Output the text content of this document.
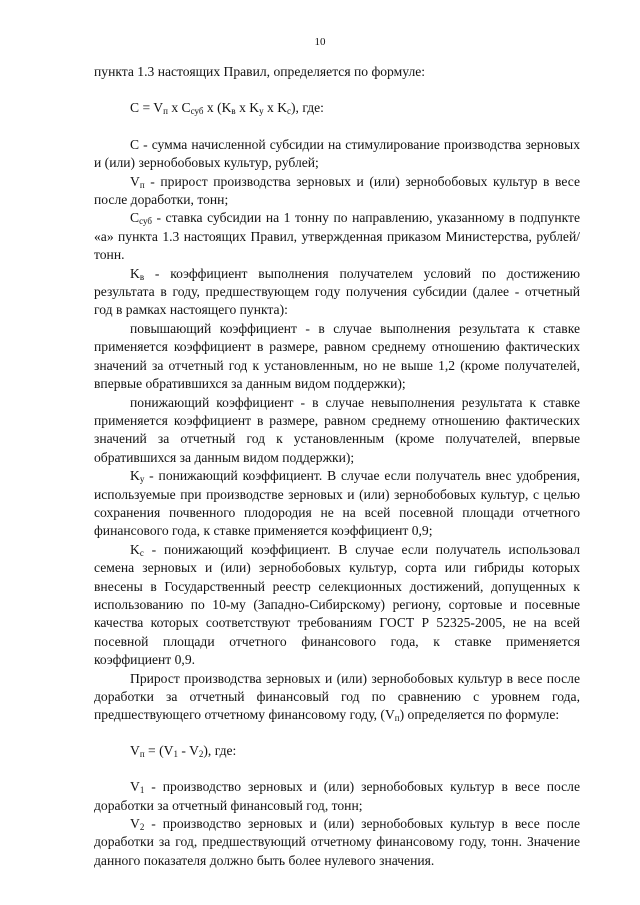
10

пункта 1.3 настоящих Правил, определяется по формуле:

$C = V_п$ x $C_{суб}$ x ($K_в$ x $K_у$ x $K_с$), где:

C - сумма начисленной субсидии на стимулирование производства зерновых и (или) зернобобовых культур, рублей;

$V_п$ - прирост производства зерновых и (или) зернобобовых культур в весе после доработки, тонн;

$C_{суб}$ - ставка субсидии на 1 тонну по направлению, указанному в подпункте «а» пункта 1.3 настоящих Правил, утвержденная приказом Министерства, рублей/тонн.

$K_в$ - коэффициент выполнения получателем условий по достижению результата в году, предшествующем году получения субсидии (далее - отчетный год в рамках настоящего пункта):

повышающий коэффициент - в случае выполнения результата к ставке применяется коэффициент в размере, равном среднему отношению фактических значений за отчетный год к установленным, но не выше 1,2 (кроме получателей, впервые обратившихся за данным видом поддержки);

понижающий коэффициент - в случае невыполнения результата к ставке применяется коэффициент в размере, равном среднему отношению фактических значений за отчетный год к установленным (кроме получателей, впервые обратившихся за данным видом поддержки);

$K_у$ - понижающий коэффициент. В случае если получатель внес удобрения, используемые при производстве зерновых и (или) зернобобовых культур, с целью сохранения почвенного плодородия не на всей посевной площади отчетного финансового года, к ставке применяется коэффициент 0,9;

$K_с$ - понижающий коэффициент. В случае если получатель использовал семена зерновых и (или) зернобобовых культур, сорта или гибриды которых внесены в Государственный реестр селекционных достижений, допущенных к использованию по 10-му (Западно-Сибирскому) региону, сортовые и посевные качества которых соответствуют требованиям ГОСТ Р 52325-2005, не на всей посевной площади отчетного финансового года, к ставке применяется коэффициент 0,9.

Прирост производства зерновых и (или) зернобобовых культур в весе после доработки за отчетный финансовый год по сравнению с уровнем года, предшествующего отчетному финансовому году, $(V_п)$ определяется по формуле:

$V_п = (V_1 - V_2)$, где:

$V_1$ - производство зерновых и (или) зернобобовых культур в весе после доработки за отчетный финансовый год, тонн;

$V_2$ - производство зерновых и (или) зернобобовых культур в весе после доработки за год, предшествующий отчетному финансовому году, тонн. Значение данного показателя должно быть более нулевого значения.
